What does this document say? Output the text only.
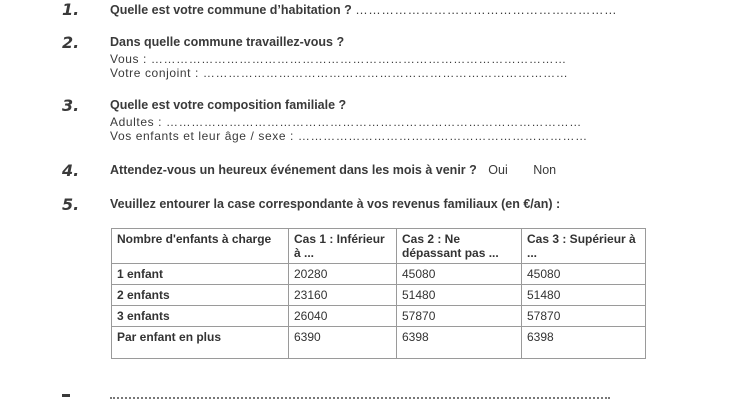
1. Quelle est votre commune d’habitation ? ……………………………………………………
2. Dans quelle commune travaillez-vous ?
Vous : ………………………………………………………………………………………
Votre conjoint : ……………………………………………………………………………
3. Quelle est votre composition familiale ?
Adultes : ………………………………………………………………………………………
Vos enfants et leur âge / sexe : ……………………………………………………………
4. Attendez-vous un heureux événement dans les mois à venir ? Oui Non
5. Veuillez entourer la case correspondante à vos revenus familiaux (en €/an) :
Nombre d'enfants à charge	Cas 1 : Inférieur à ...	Cas 2 : Ne dépassant pas ...	Cas 3 : Supérieur à ...
1 enfant	20280	45080	45080
2 enfants	23160	51480	51480
3 enfants	26040	57870	57870
Par enfant en plus	6390	6398	6398
